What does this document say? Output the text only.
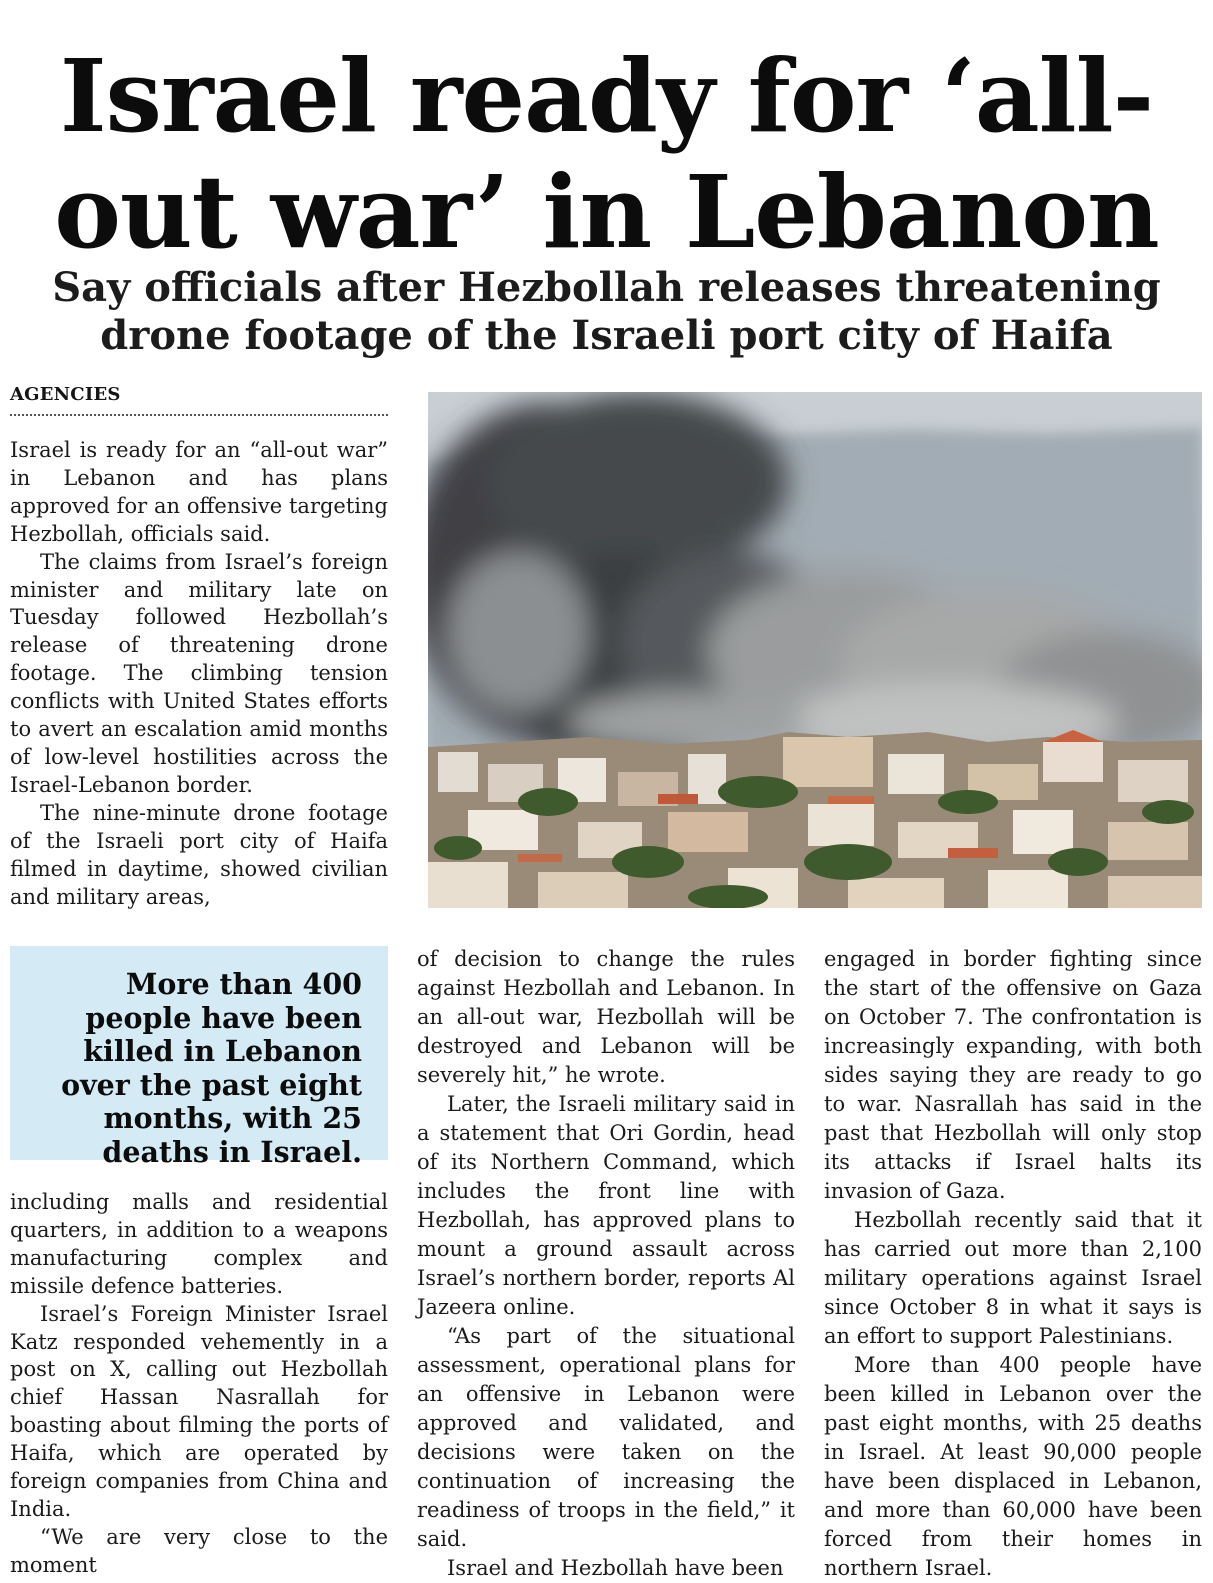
Israel ready for ‘all-out war’ in Lebanon
Say officials after Hezbollah releases threatening drone footage of the Israeli port city of Haifa
AGENCIES

Israel is ready for an “all-out war” in Lebanon and has plans approved for an offensive targeting Hezbollah, officials said.

The claims from Israel’s foreign minister and military late on Tuesday followed Hezbollah’s release of threatening drone footage. The climbing tension conflicts with United States efforts to avert an escalation amid months of low-level hostilities across the Israel-Lebanon border.

The nine-minute drone footage of the Israeli port city of Haifa filmed in daytime, showed civilian and military areas,

More than 400 people have been killed in Lebanon over the past eight months, with 25 deaths in Israel.

including malls and residential quarters, in addition to a weapons manufacturing complex and missile defence batteries.

Israel’s Foreign Minister Israel Katz responded vehemently in a post on X, calling out Hezbollah chief Hassan Nasrallah for boasting about filming the ports of Haifa, which are operated by foreign companies from China and India.

“We are very close to the moment

of decision to change the rules against Hezbollah and Lebanon. In an all-out war, Hezbollah will be destroyed and Lebanon will be severely hit,” he wrote.

Later, the Israeli military said in a statement that Ori Gordin, head of its Northern Command, which includes the front line with Hezbollah, has approved plans to mount a ground assault across Israel’s northern border, reports Al Jazeera online.

“As part of the situational assessment, operational plans for an offensive in Lebanon were approved and validated, and decisions were taken on the continuation of increasing the readiness of troops in the field,” it said.

Israel and Hezbollah have been

engaged in border fighting since the start of the offensive on Gaza on October 7. The confrontation is increasingly expanding, with both sides saying they are ready to go to war. Nasrallah has said in the past that Hezbollah will only stop its attacks if Israel halts its invasion of Gaza.

Hezbollah recently said that it has carried out more than 2,100 military operations against Israel since October 8 in what it says is an effort to support Palestinians.

More than 400 people have been killed in Lebanon over the past eight months, with 25 deaths in Israel. At least 90,000 people have been displaced in Lebanon, and more than 60,000 have been forced from their homes in northern Israel.
